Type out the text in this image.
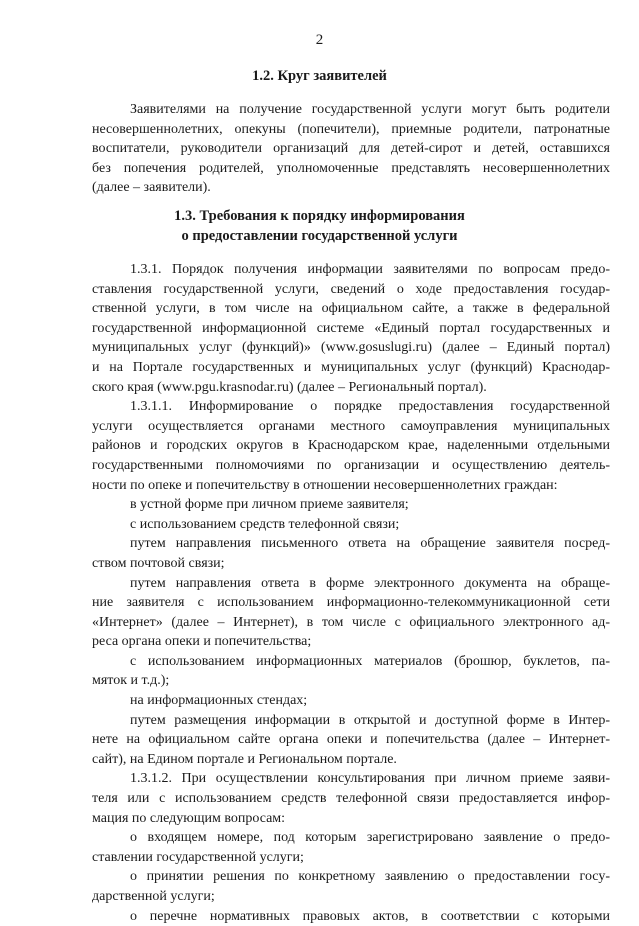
2
1.2. Круг заявителей
Заявителями на получение государственной услуги могут быть родители
несовершеннолетних, опекуны (попечители), приемные родители, патронатные
воспитатели, руководители организаций для детей-сирот и детей, оставшихся
без попечения родителей, уполномоченные представлять несовершеннолетних
(далее – заявители).
1.3. Требования к порядку информирования
о предоставлении государственной услуги
1.3.1. Порядок получения информации заявителями по вопросам предо-
ставления государственной услуги, сведений о ходе предоставления государ-
ственной услуги, в том числе на официальном сайте, а также в федеральной
государственной информационной системе «Единый портал государственных и
муниципальных услуг (функций)» (www.gosuslugi.ru) (далее – Единый портал)
и на Портале государственных и муниципальных услуг (функций) Краснодар-
ского края (www.pgu.krasnodar.ru) (далее – Региональный портал).
1.3.1.1. Информирование о порядке предоставления государственной
услуги осуществляется органами местного самоуправления муниципальных
районов и городских округов в Краснодарском крае, наделенными отдельными
государственными полномочиями по организации и осуществлению деятель-
ности по опеке и попечительству в отношении несовершеннолетних граждан:
в устной форме при личном приеме заявителя;
с использованием средств телефонной связи;
путем направления письменного ответа на обращение заявителя посред-
ством почтовой связи;
путем направления ответа в форме электронного документа на обраще-
ние заявителя с использованием информационно-телекоммуникационной сети
«Интернет» (далее – Интернет), в том числе с официального электронного ад-
реса органа опеки и попечительства;
с использованием информационных материалов (брошюр, буклетов, па-
мяток и т.д.);
на информационных стендах;
путем размещения информации в открытой и доступной форме в Интер-
нете на официальном сайте органа опеки и попечительства (далее – Интернет-
сайт), на Едином портале и Региональном портале.
1.3.1.2. При осуществлении консультирования при личном приеме заяви-
теля или с использованием средств телефонной связи предоставляется инфор-
мация по следующим вопросам:
о входящем номере, под которым зарегистрировано заявление о предо-
ставлении государственной услуги;
о принятии решения по конкретному заявлению о предоставлении госу-
дарственной услуги;
о перечне нормативных правовых актов, в соответствии с которыми
